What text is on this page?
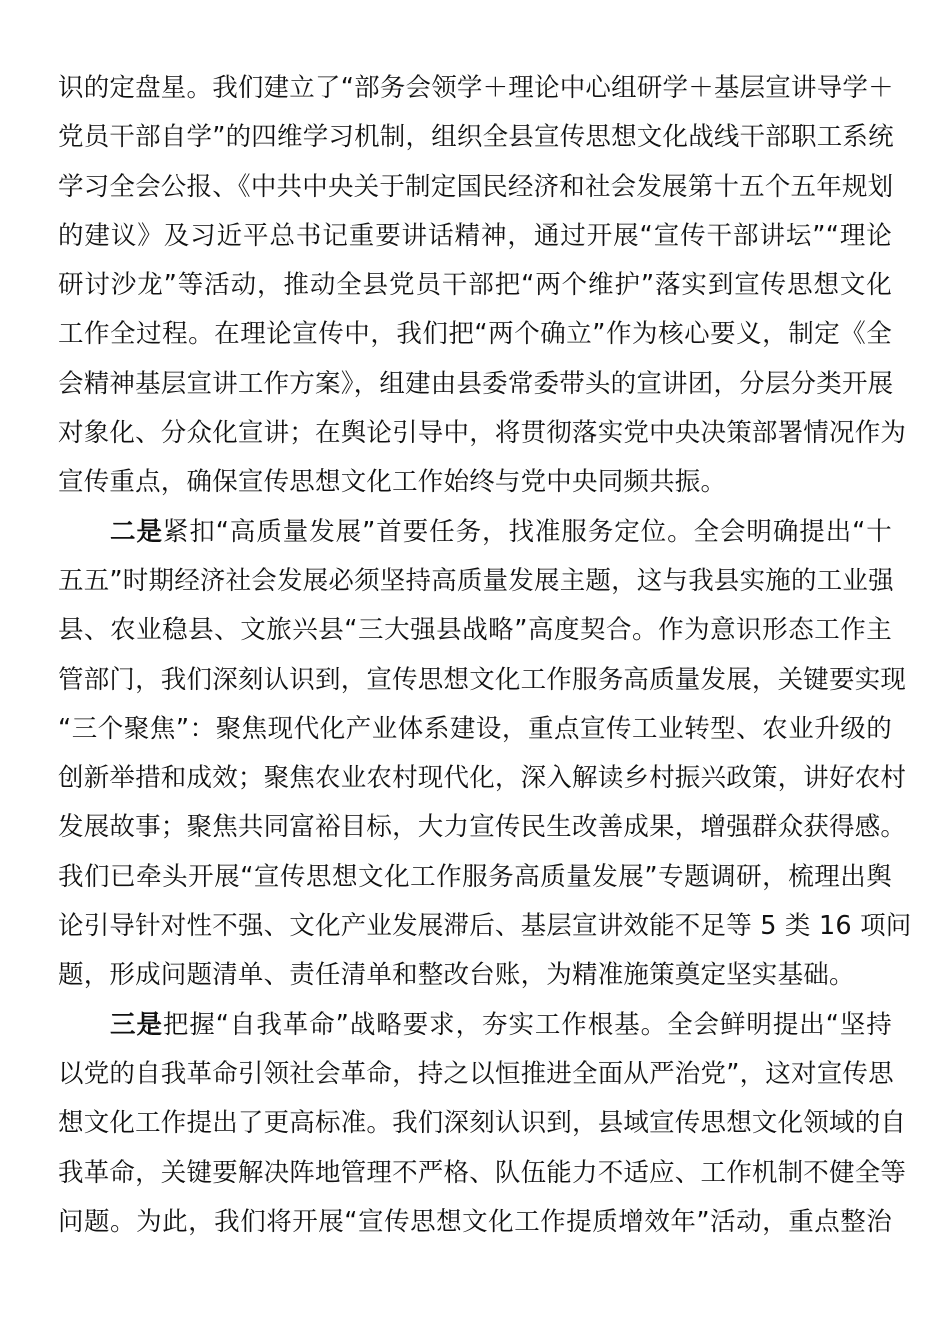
识的定盘星。我们建立了“部务会领学＋理论中心组研学＋基层宣讲导学＋
党员干部自学”的四维学习机制，组织全县宣传思想文化战线干部职工系统
学习全会公报、《中共中央关于制定国民经济和社会发展第十五个五年规划
的建议》及习近平总书记重要讲话精神，通过开展“宣传干部讲坛”“理论
研讨沙龙”等活动，推动全县党员干部把“两个维护”落实到宣传思想文化
工作全过程。在理论宣传中，我们把“两个确立”作为核心要义，制定《全
会精神基层宣讲工作方案》，组建由县委常委带头的宣讲团，分层分类开展
对象化、分众化宣讲；在舆论引导中，将贯彻落实党中央决策部署情况作为
宣传重点，确保宣传思想文化工作始终与党中央同频共振。
二是紧扣“高质量发展”首要任务，找准服务定位。全会明确提出“十
五五”时期经济社会发展必须坚持高质量发展主题，这与我县实施的工业强
县、农业稳县、文旅兴县“三大强县战略”高度契合。作为意识形态工作主
管部门，我们深刻认识到，宣传思想文化工作服务高质量发展，关键要实现
“三个聚焦”：聚焦现代化产业体系建设，重点宣传工业转型、农业升级的
创新举措和成效；聚焦农业农村现代化，深入解读乡村振兴政策，讲好农村
发展故事；聚焦共同富裕目标，大力宣传民生改善成果，增强群众获得感。
我们已牵头开展“宣传思想文化工作服务高质量发展”专题调研，梳理出舆
论引导针对性不强、文化产业发展滞后、基层宣讲效能不足等 5 类 16 项问
题，形成问题清单、责任清单和整改台账，为精准施策奠定坚实基础。
三是把握“自我革命”战略要求，夯实工作根基。全会鲜明提出“坚持
以党的自我革命引领社会革命，持之以恒推进全面从严治党”，这对宣传思
想文化工作提出了更高标准。我们深刻认识到，县域宣传思想文化领域的自
我革命，关键要解决阵地管理不严格、队伍能力不适应、工作机制不健全等
问题。为此，我们将开展“宣传思想文化工作提质增效年”活动，重点整治
